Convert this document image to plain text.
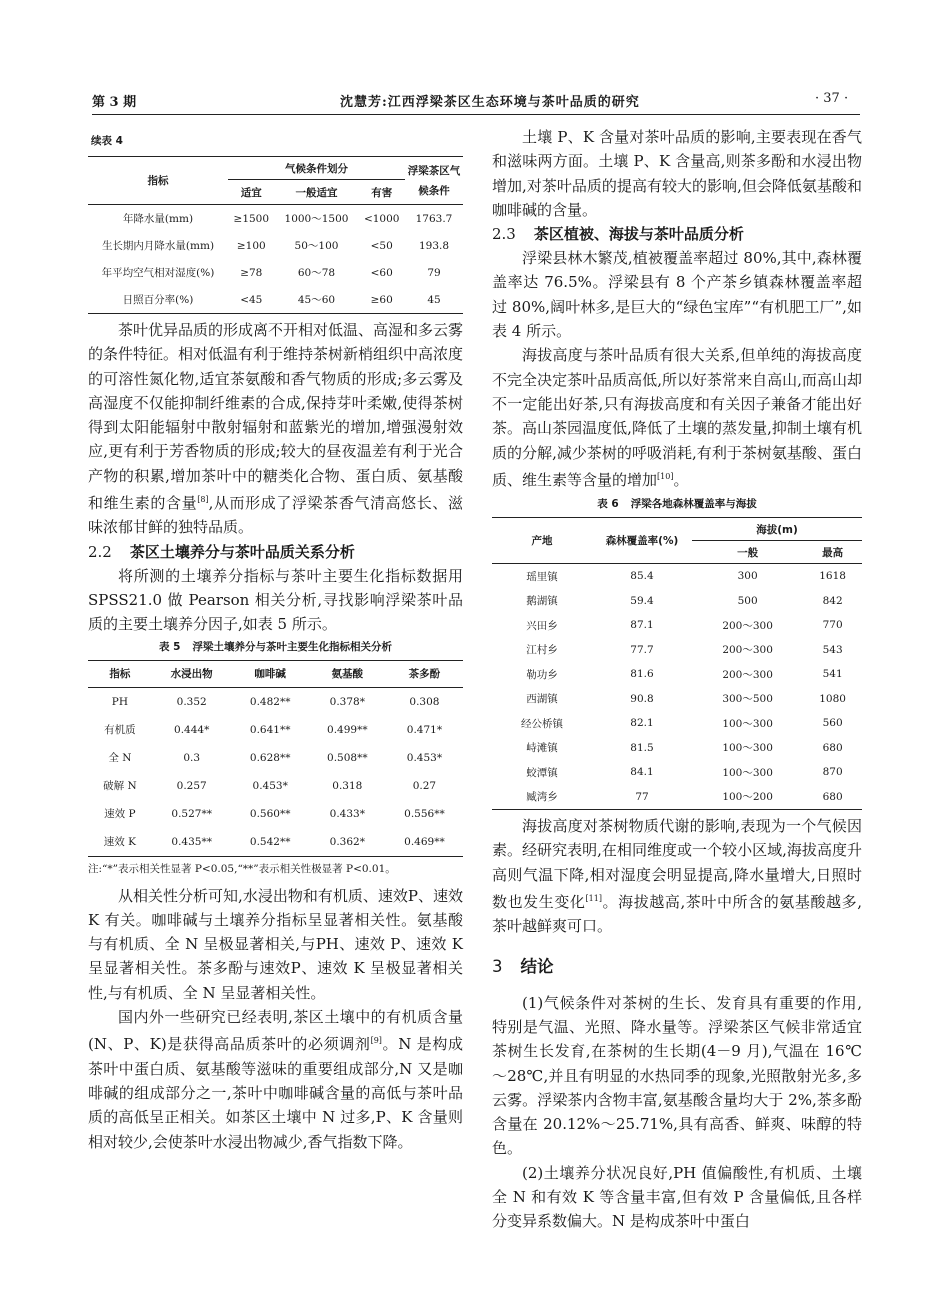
第 3 期	沈慧芳:江西浮梁茶区生态环境与茶叶品质的研究	· 37 ·
续表 4
指标	气候条件划分			浮梁茶区气候条件
	适宜	一般适宜	有害	
年降水量(mm)	≥1500	1000～1500	<1000	1763.7
生长期内月降水量(mm)	≥100	50～100	<50	193.8
年平均空气相对湿度(%)	≥78	60～78	<60	79
日照百分率(%)	<45	45～60	≥60	45

茶叶优异品质的形成离不开相对低温、高湿和多云雾的条件特征。相对低温有利于维持茶树新梢组织中高浓度的可溶性氮化物,适宜茶氨酸和香气物质的形成;多云雾及高湿度不仅能抑制纤维素的合成,保持芽叶柔嫩,使得茶树得到太阳能辐射中散射辐射和蓝紫光的增加,增强漫射效应,更有利于芳香物质的形成;较大的昼夜温差有利于光合产物的积累,增加茶叶中的糖类化合物、蛋白质、氨基酸和维生素的含量[8],从而形成了浮梁茶香气清高悠长、滋味浓郁甘鲜的独特品质。

2.2 茶区土壤养分与茶叶品质关系分析

将所测的土壤养分指标与茶叶主要生化指标数据用 SPSS21.0 做 Pearson 相关分析,寻找影响浮梁茶叶品质的主要土壤养分因子,如表 5 所示。

表 5 浮梁土壤养分与茶叶主要生化指标相关分析
指标	水浸出物	咖啡碱	氨基酸	茶多酚
PH	0.352	0.482**	0.378*	0.308
有机质	0.444*	0.641**	0.499**	0.471*
全 N	0.3	0.628**	0.508**	0.453*
破解 N	0.257	0.453*	0.318	0.27
速效 P	0.527**	0.560**	0.433*	0.556**
速效 K	0.435**	0.542**	0.362*	0.469**
注:“*”表示相关性显著 P<0.05,“**”表示相关性极显著 P<0.01。

从相关性分析可知,水浸出物和有机质、速效P、速效 K 有关。咖啡碱与土壤养分指标呈显著相关性。氨基酸与有机质、全 N 呈极显著相关,与PH、速效 P、速效 K 呈显著相关性。茶多酚与速效P、速效 K 呈极显著相关性,与有机质、全 N 呈显著相关性。

国内外一些研究已经表明,茶区土壤中的有机质含量(N、P、K)是获得高品质茶叶的必须调剂[9]。N 是构成茶叶中蛋白质、氨基酸等滋味的重要组成部分,N 又是咖啡碱的组成部分之一,茶叶中咖啡碱含量的高低与茶叶品质的高低呈正相关。如茶区土壤中 N 过多,P、K 含量则相对较少,会使茶叶水浸出物减少,香气指数下降。

土壤 P、K 含量对茶叶品质的影响,主要表现在香气和滋味两方面。土壤 P、K 含量高,则茶多酚和水浸出物增加,对茶叶品质的提高有较大的影响,但会降低氨基酸和咖啡碱的含量。

2.3 茶区植被、海拔与茶叶品质分析

浮梁县林木繁茂,植被覆盖率超过 80%,其中,森林覆盖率达 76.5%。浮梁县有 8 个产茶乡镇森林覆盖率超过 80%,阔叶林多,是巨大的“绿色宝库”“有机肥工厂”,如表 4 所示。

海拔高度与茶叶品质有很大关系,但单纯的海拔高度不完全决定茶叶品质高低,所以好茶常来自高山,而高山却不一定能出好茶,只有海拔高度和有关因子兼备才能出好茶。高山茶园温度低,降低了土壤的蒸发量,抑制土壤有机质的分解,减少茶树的呼吸消耗,有利于茶树氨基酸、蛋白质、维生素等含量的增加[10]。

表 6 浮梁各地森林覆盖率与海拔
产地	森林覆盖率(%)	海拔(m)	
		一般	最高
瑶里镇	85.4	300	1618
鹅湖镇	59.4	500	842
兴田乡	87.1	200～300	770
江村乡	77.7	200～300	543
勒功乡	81.6	200～300	541
西湖镇	90.8	300～500	1080
经公桥镇	82.1	100～300	560
峙滩镇	81.5	100～300	680
蛟潭镇	84.1	100～300	870
臧湾乡	77	100～200	680

海拔高度对茶树物质代谢的影响,表现为一个气候因素。经研究表明,在相同维度或一个较小区域,海拔高度升高则气温下降,相对湿度会明显提高,降水量增大,日照时数也发生变化[11]。海拔越高,茶叶中所含的氨基酸越多,茶叶越鲜爽可口。

3 结论

(1)气候条件对茶树的生长、发育具有重要的作用,特别是气温、光照、降水量等。浮梁茶区气候非常适宜茶树生长发育,在茶树的生长期(4－9 月),气温在 16℃～28℃,并且有明显的水热同季的现象,光照散射光多,多云雾。浮梁茶内含物丰富,氨基酸含量均大于 2%,茶多酚含量在 20.12%～25.71%,具有高香、鲜爽、味醇的特色。

(2)土壤养分状况良好,PH 值偏酸性,有机质、土壤全 N 和有效 K 等含量丰富,但有效 P 含量偏低,且各样分变异系数偏大。N 是构成茶叶中蛋白
